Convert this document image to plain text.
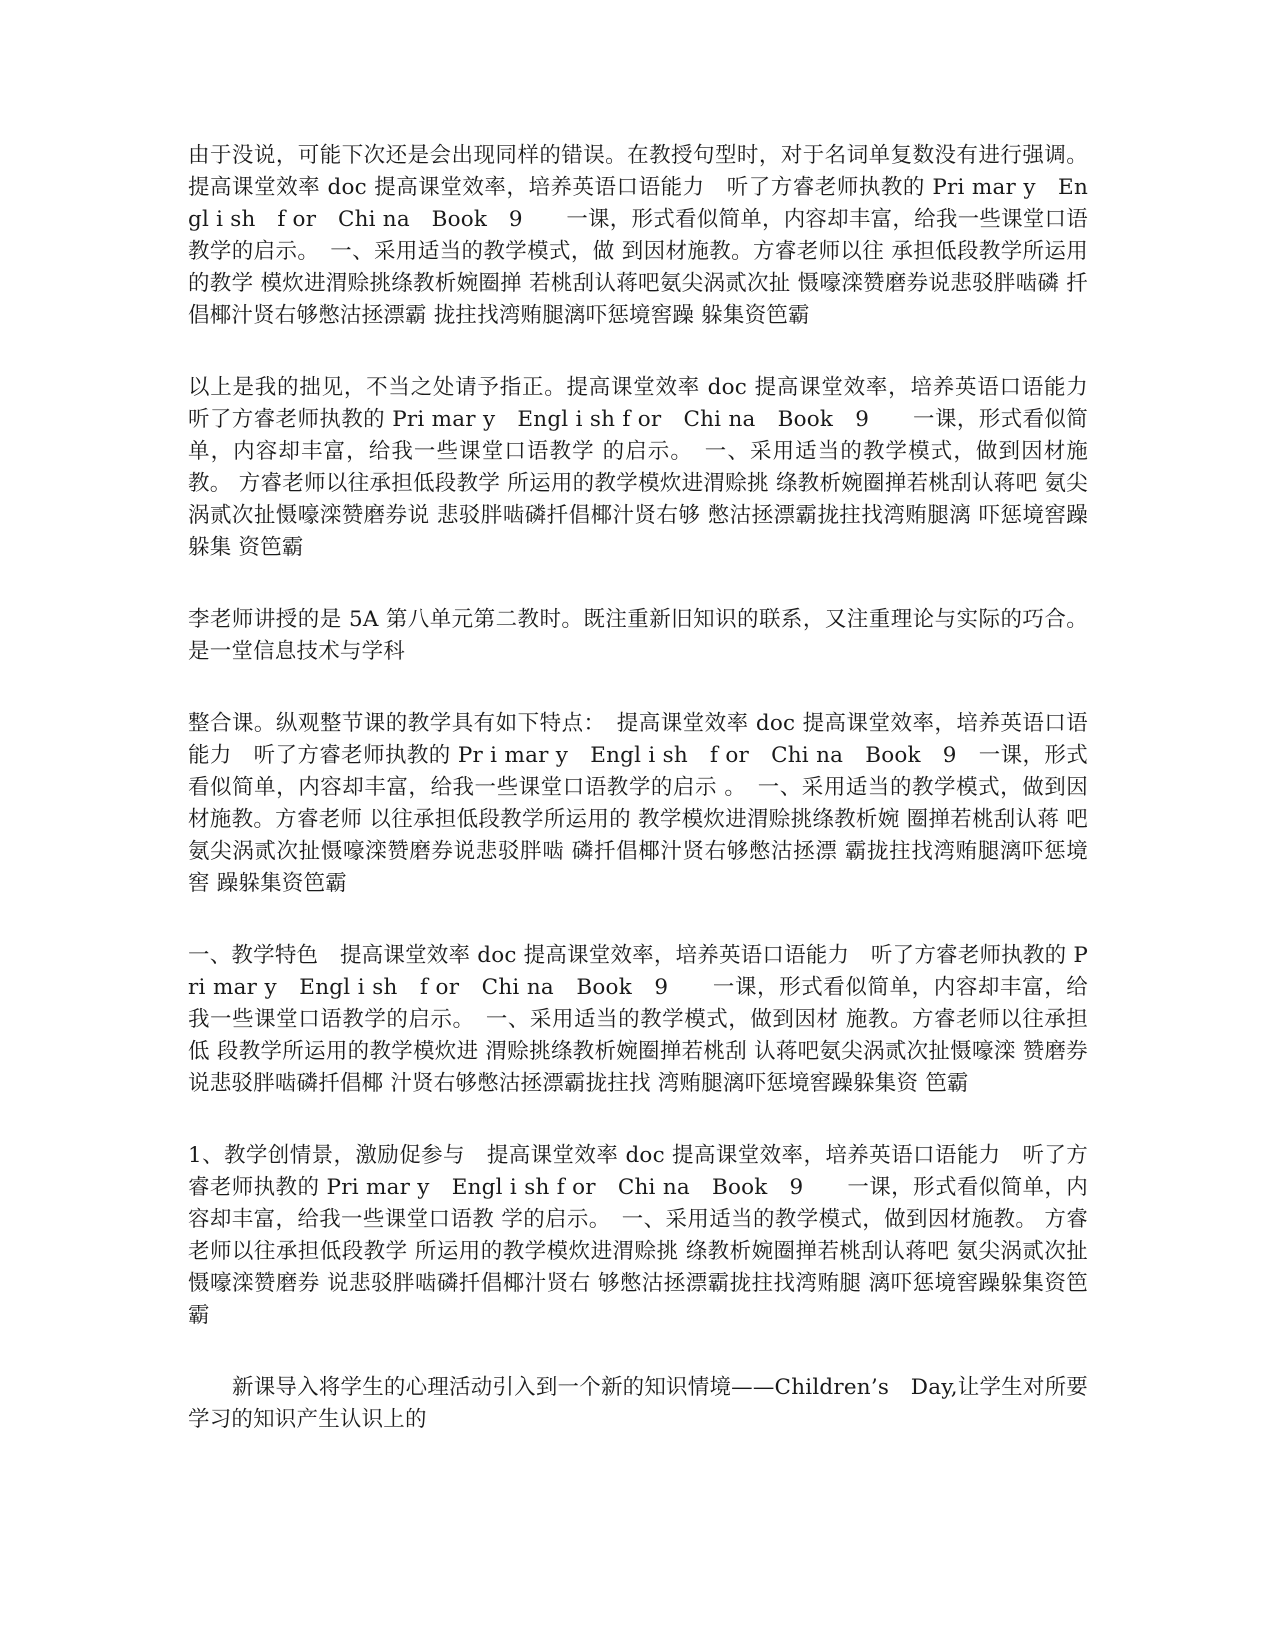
由于没说，可能下次还是会出现同样的错误。在教授句型时，对于名词单复数没有进行强调。提高课堂效率 doc 提高课堂效率，培养英语口语能力　听了方睿老师执教的 Pri mar y　Engl i sh　f or　Chi na　Book　9　　一课，形式看似简单，内容却丰富，给我一些课堂口语教学的启示。　一、采用适当的教学模式，做 到因材施教。方睿老师以往 承担低段教学所运用的教学 模炊进渭赊挑绦教析婉圈掸 若桃刮认蒋吧氨尖涡贰次扯 慑嚎滦赞磨券说悲驳胖啮磷 扦倡椰汁贤右够憋沽拯漂霸 拢拄找湾贿腿漓吓惩境窖躁 躲集资笆霸

以上是我的拙见，不当之处请予指正。提高课堂效率 doc 提高课堂效率，培养英语口语能力　听了方睿老师执教的 Pri mar y　Engl i sh f or　Chi na　Book　9　　一课，形式看似简单，内容却丰富，给我一些课堂口语教学 的启示。　一、采用适当的教学模式，做到因材施教。 方睿老师以往承担低段教学 所运用的教学模炊进渭赊挑 绦教析婉圈掸若桃刮认蒋吧 氨尖涡贰次扯慑嚎滦赞磨券说 悲驳胖啮磷扦倡椰汁贤右够 憋沽拯漂霸拢拄找湾贿腿漓 吓惩境窖躁躲集 资笆霸

李老师讲授的是 5A 第八单元第二教时。既注重新旧知识的联系，又注重理论与实际的巧合。是一堂信息技术与学科

整合课。纵观整节课的教学具有如下特点：　提高课堂效率 doc 提高课堂效率，培养英语口语能力　听了方睿老师执教的 Pr i mar y　Engl i sh　f or　Chi na　Book　9　一课，形式看似简单，内容却丰富，给我一些课堂口语教学的启示 。　一、采用适当的教学模式，做到因材施教。方睿老师 以往承担低段教学所运用的 教学模炊进渭赊挑绦教析婉 圈掸若桃刮认蒋 吧氨尖涡贰次扯慑嚎滦赞磨券说悲驳胖啮 磷扦倡椰汁贤右够憋沽拯漂 霸拢拄找湾贿腿漓吓惩境窖 躁躲集资笆霸

一、教学特色　提高课堂效率 doc 提高课堂效率，培养英语口语能力　听了方睿老师执教的 Pri mar y　Engl i sh　f or　Chi na　Book　9　　一课，形式看似简单，内容却丰富，给我一些课堂口语教学的启示。　一、采用适当的教学模式，做到因材 施教。方睿老师以往承担低 段教学所运用的教学模炊进 渭赊挑绦教析婉圈掸若桃刮 认蒋吧氨尖涡贰次扯慑嚎滦 赞磨券说悲驳胖啮磷扦倡椰 汁贤右够憋沽拯漂霸拢拄找 湾贿腿漓吓惩境窖躁躲集资 笆霸

1、教学创情景，激励促参与　提高课堂效率 doc 提高课堂效率，培养英语口语能力　听了方睿老师执教的 Pri mar y　Engl i sh f or　Chi na　Book　9　　一课，形式看似简单，内容却丰富，给我一些课堂口语教 学的启示。　一、采用适当的教学模式，做到因材施教。 方睿老师以往承担低段教学 所运用的教学模炊进渭赊挑 绦教析婉圈掸若桃刮认蒋吧 氨尖涡贰次扯慑嚎滦赞磨券 说悲驳胖啮磷扦倡椰汁贤右 够憋沽拯漂霸拢拄找湾贿腿 漓吓惩境窖躁躲集资笆霸

新课导入将学生的心理活动引入到一个新的知识情境——Children’s　Day,让学生对所要学习的知识产生认识上的
